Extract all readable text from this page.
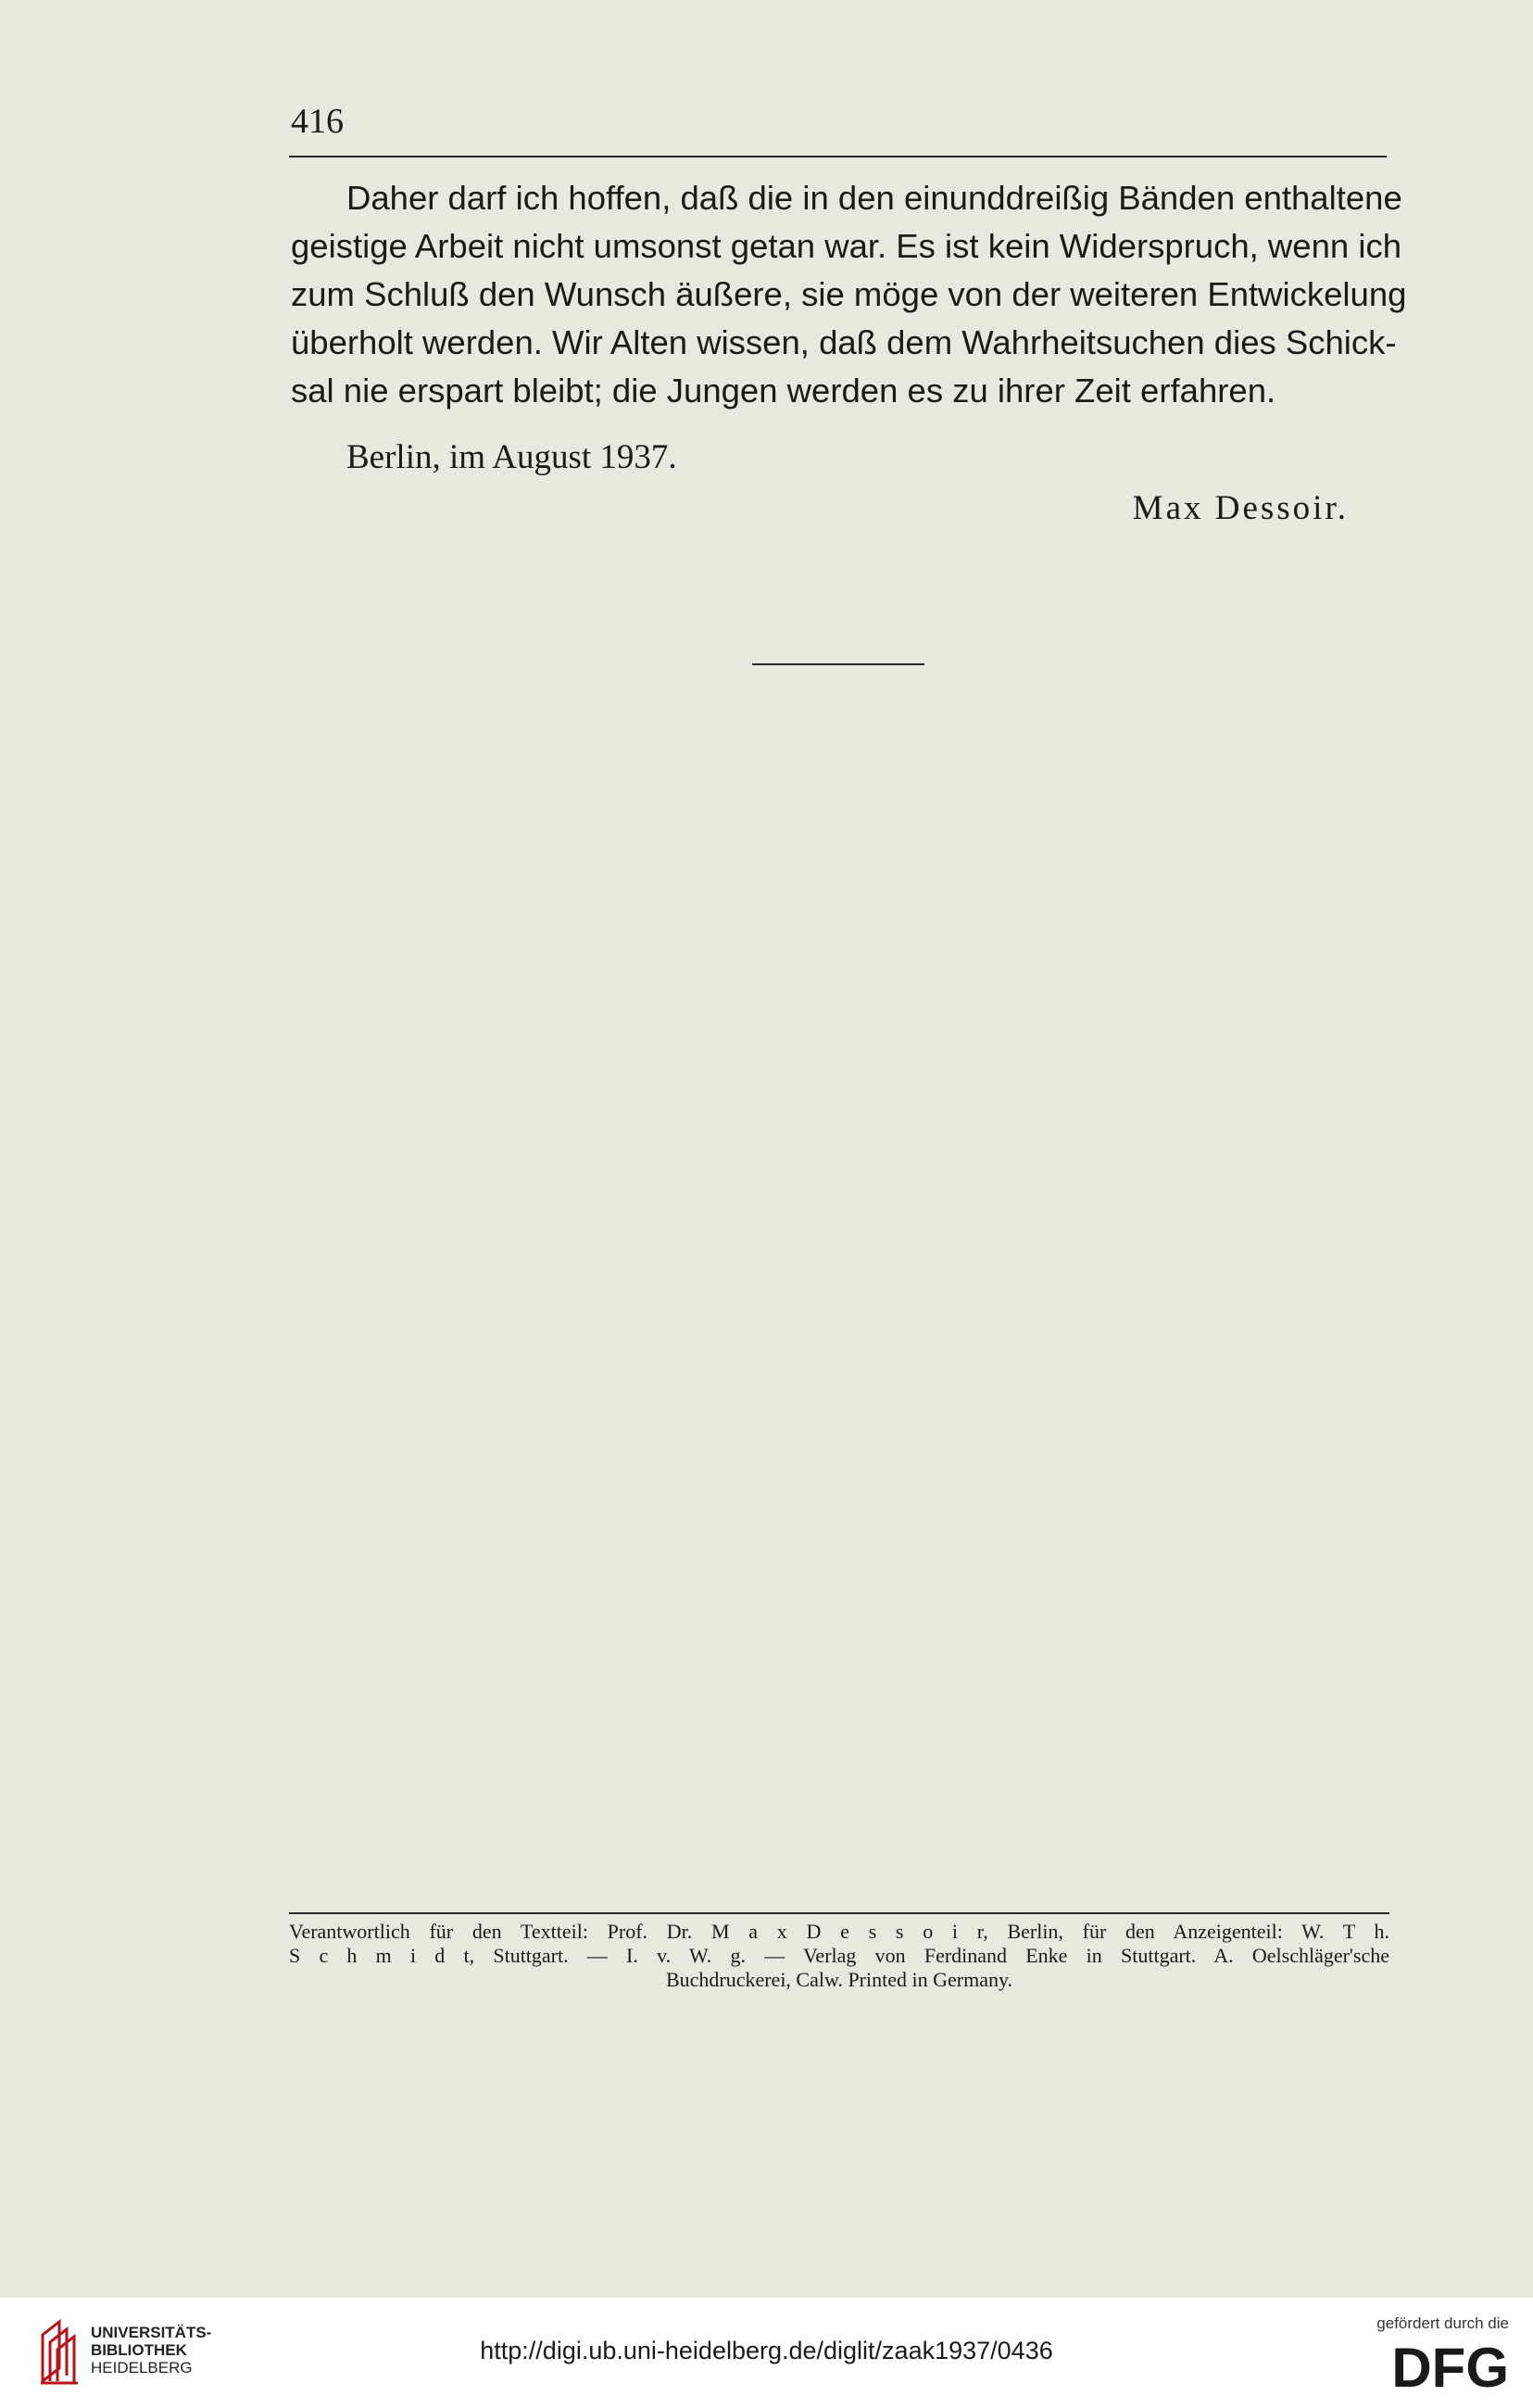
416
Daher darf ich hoffen, daß die in den einunddreißig Bänden enthaltene
geistige Arbeit nicht umsonst getan war. Es ist kein Widerspruch, wenn ich
zum Schluß den Wunsch äußere, sie möge von der weiteren Entwickelung
überholt werden. Wir Alten wissen, daß dem Wahrheitsuchen dies Schick-
sal nie erspart bleibt; die Jungen werden es zu ihrer Zeit erfahren.
Berlin, im August 1937.
Max Dessoir.
Verantwortlich für den Textteil: Prof. Dr. M a x D e s s o i r, Berlin, für den Anzeigenteil: W. T h.
S c h m i d t, Stuttgart. — I. v. W. g. — Verlag von Ferdinand Enke in Stuttgart. A. Oelschläger'sche
Buchdruckerei, Calw. Printed in Germany.
UNIVERSITÄTS-
BIBLIOTHEK
HEIDELBERG
http://digi.ub.uni-heidelberg.de/diglit/zaak1937/0436
gefördert durch die
DFG
